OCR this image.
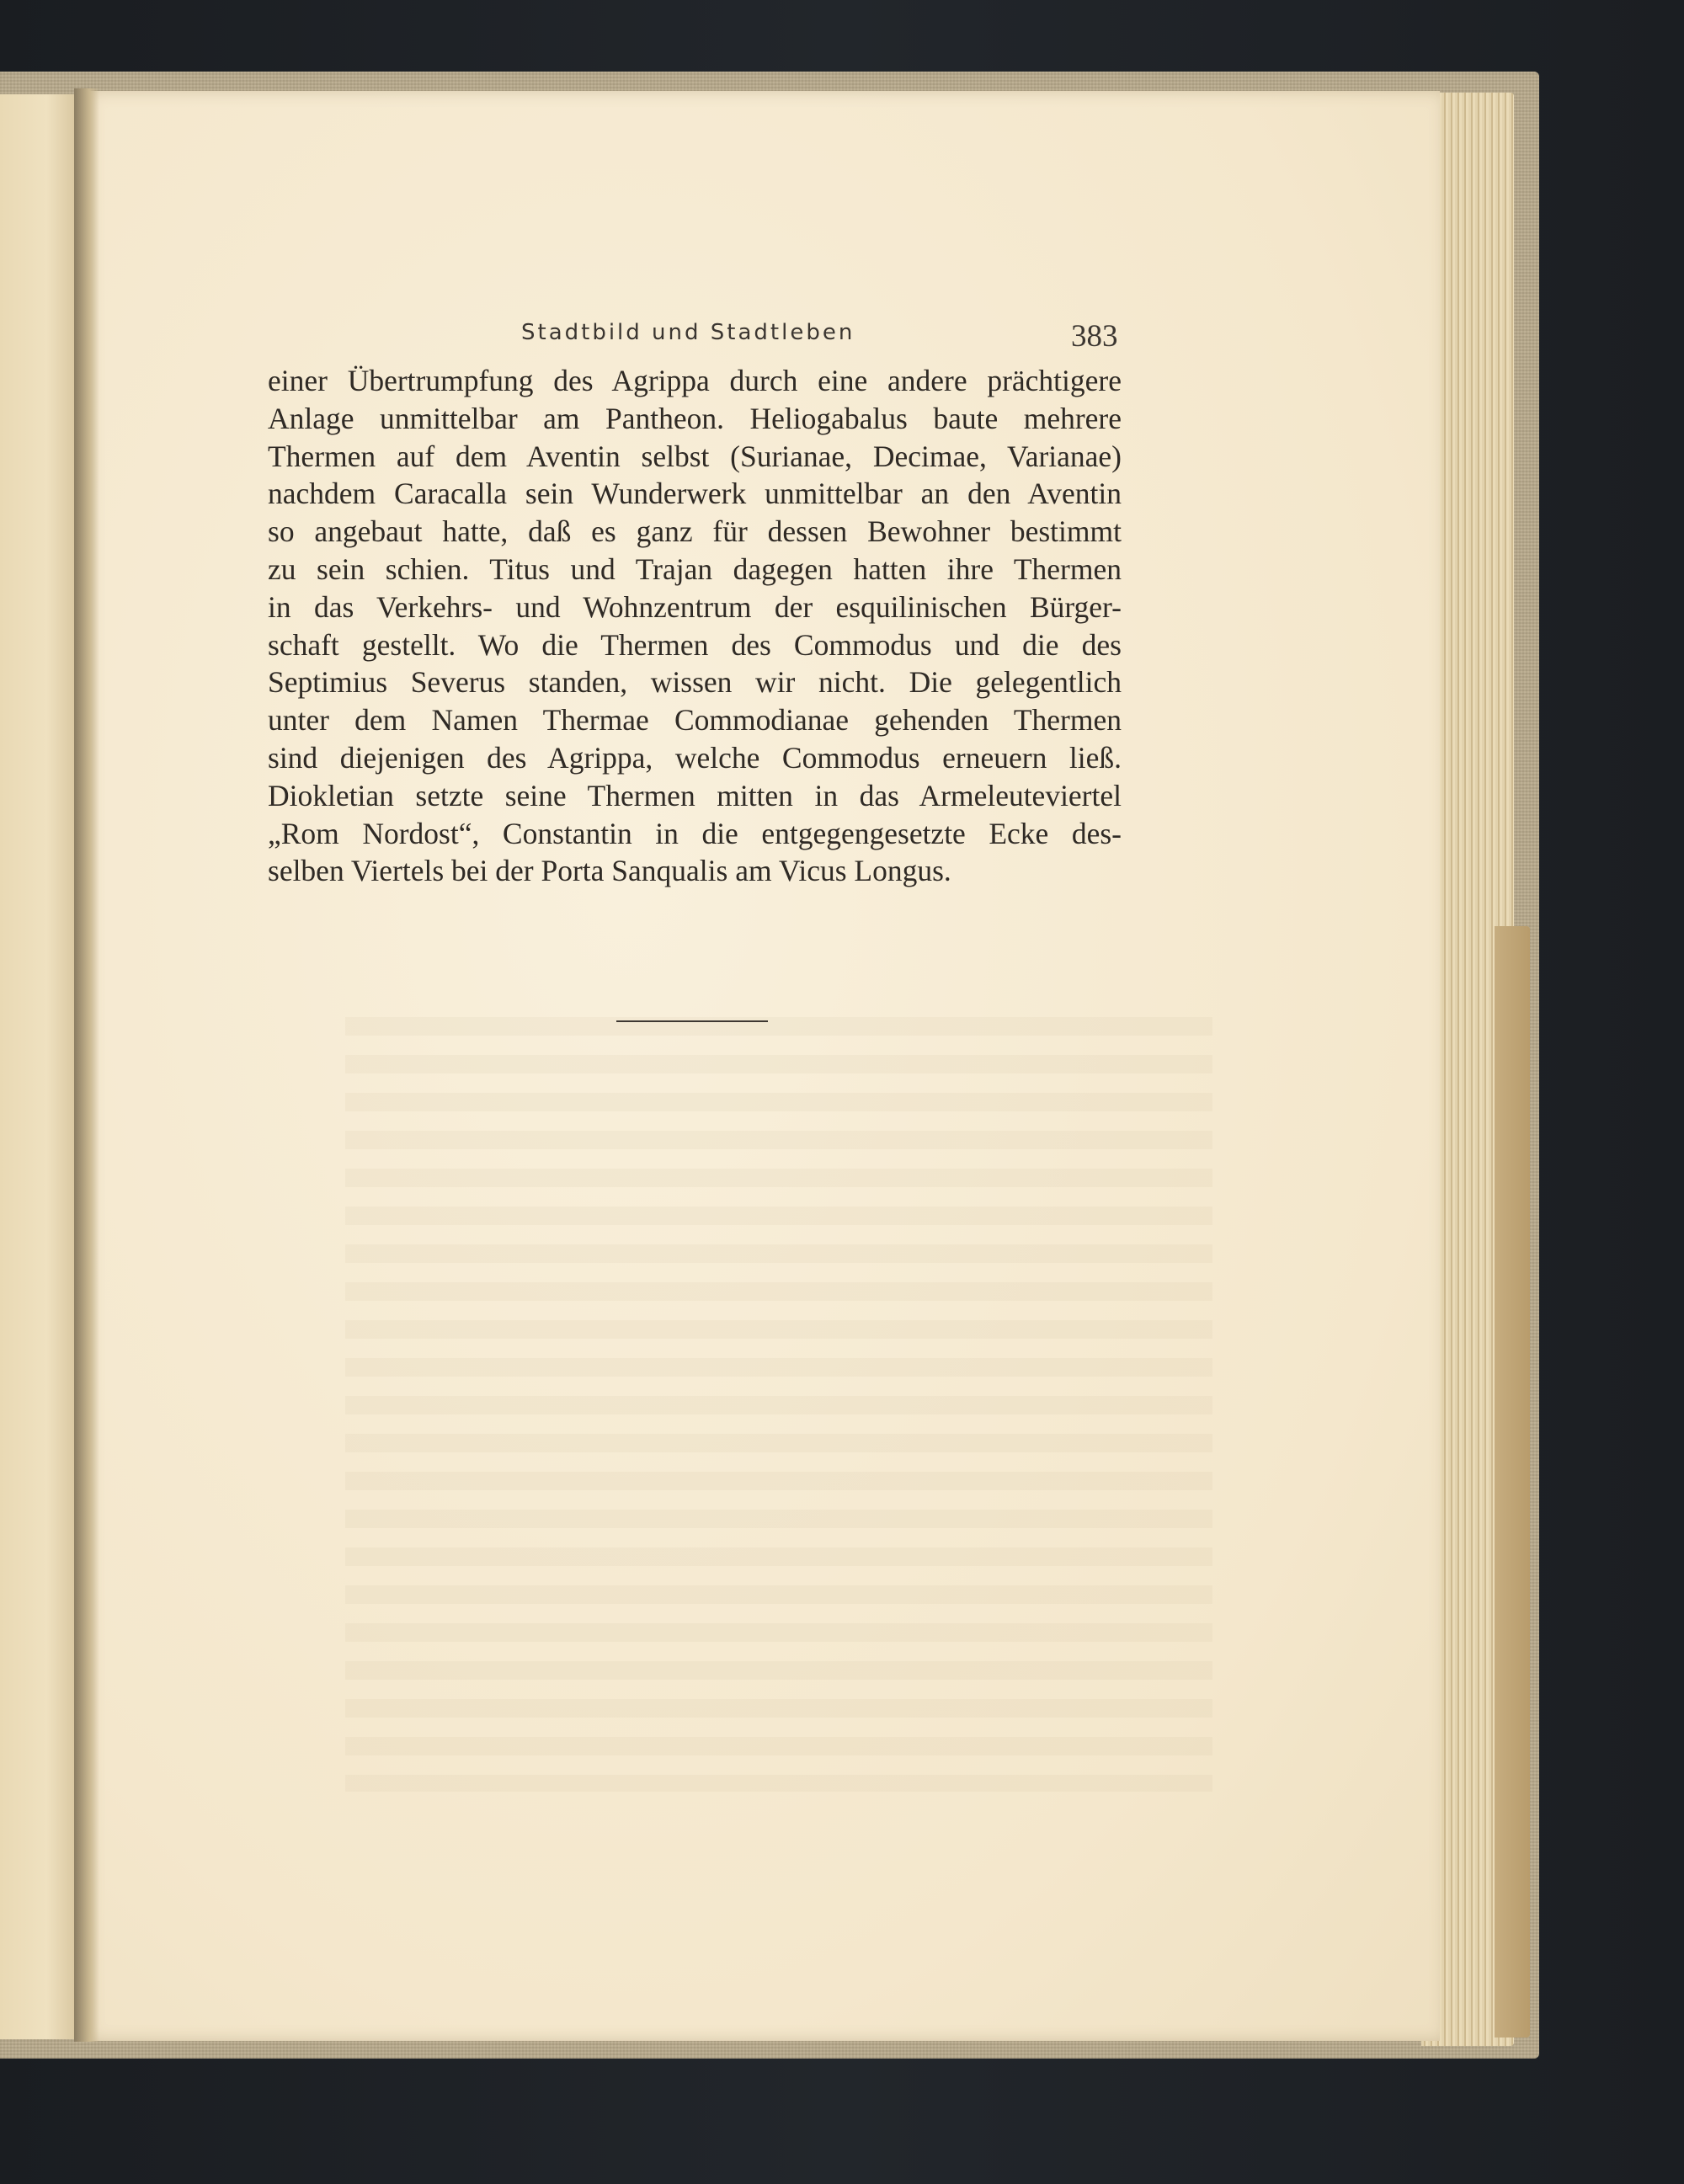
Stadtbild und Stadtleben	383
einer Übertrumpfung des Agrippa durch eine andere prächtigere
Anlage unmittelbar am Pantheon. Heliogabalus baute mehrere
Thermen auf dem Aventin selbst (Surianae, Decimae, Varianae)
nachdem Caracalla sein Wunderwerk unmittelbar an den Aventin
so angebaut hatte, daß es ganz für dessen Bewohner bestimmt
zu sein schien. Titus und Trajan dagegen hatten ihre Thermen
in das Verkehrs- und Wohnzentrum der esquilinischen Bürger-
schaft gestellt. Wo die Thermen des Commodus und die des
Septimius Severus standen, wissen wir nicht. Die gelegentlich
unter dem Namen Thermae Commodianae gehenden Thermen
sind diejenigen des Agrippa, welche Commodus erneuern ließ.
Diokletian setzte seine Thermen mitten in das Armeleuteviertel
„Rom Nordost“, Constantin in die entgegengesetzte Ecke des-
selben Viertels bei der Porta Sanqualis am Vicus Longus.
